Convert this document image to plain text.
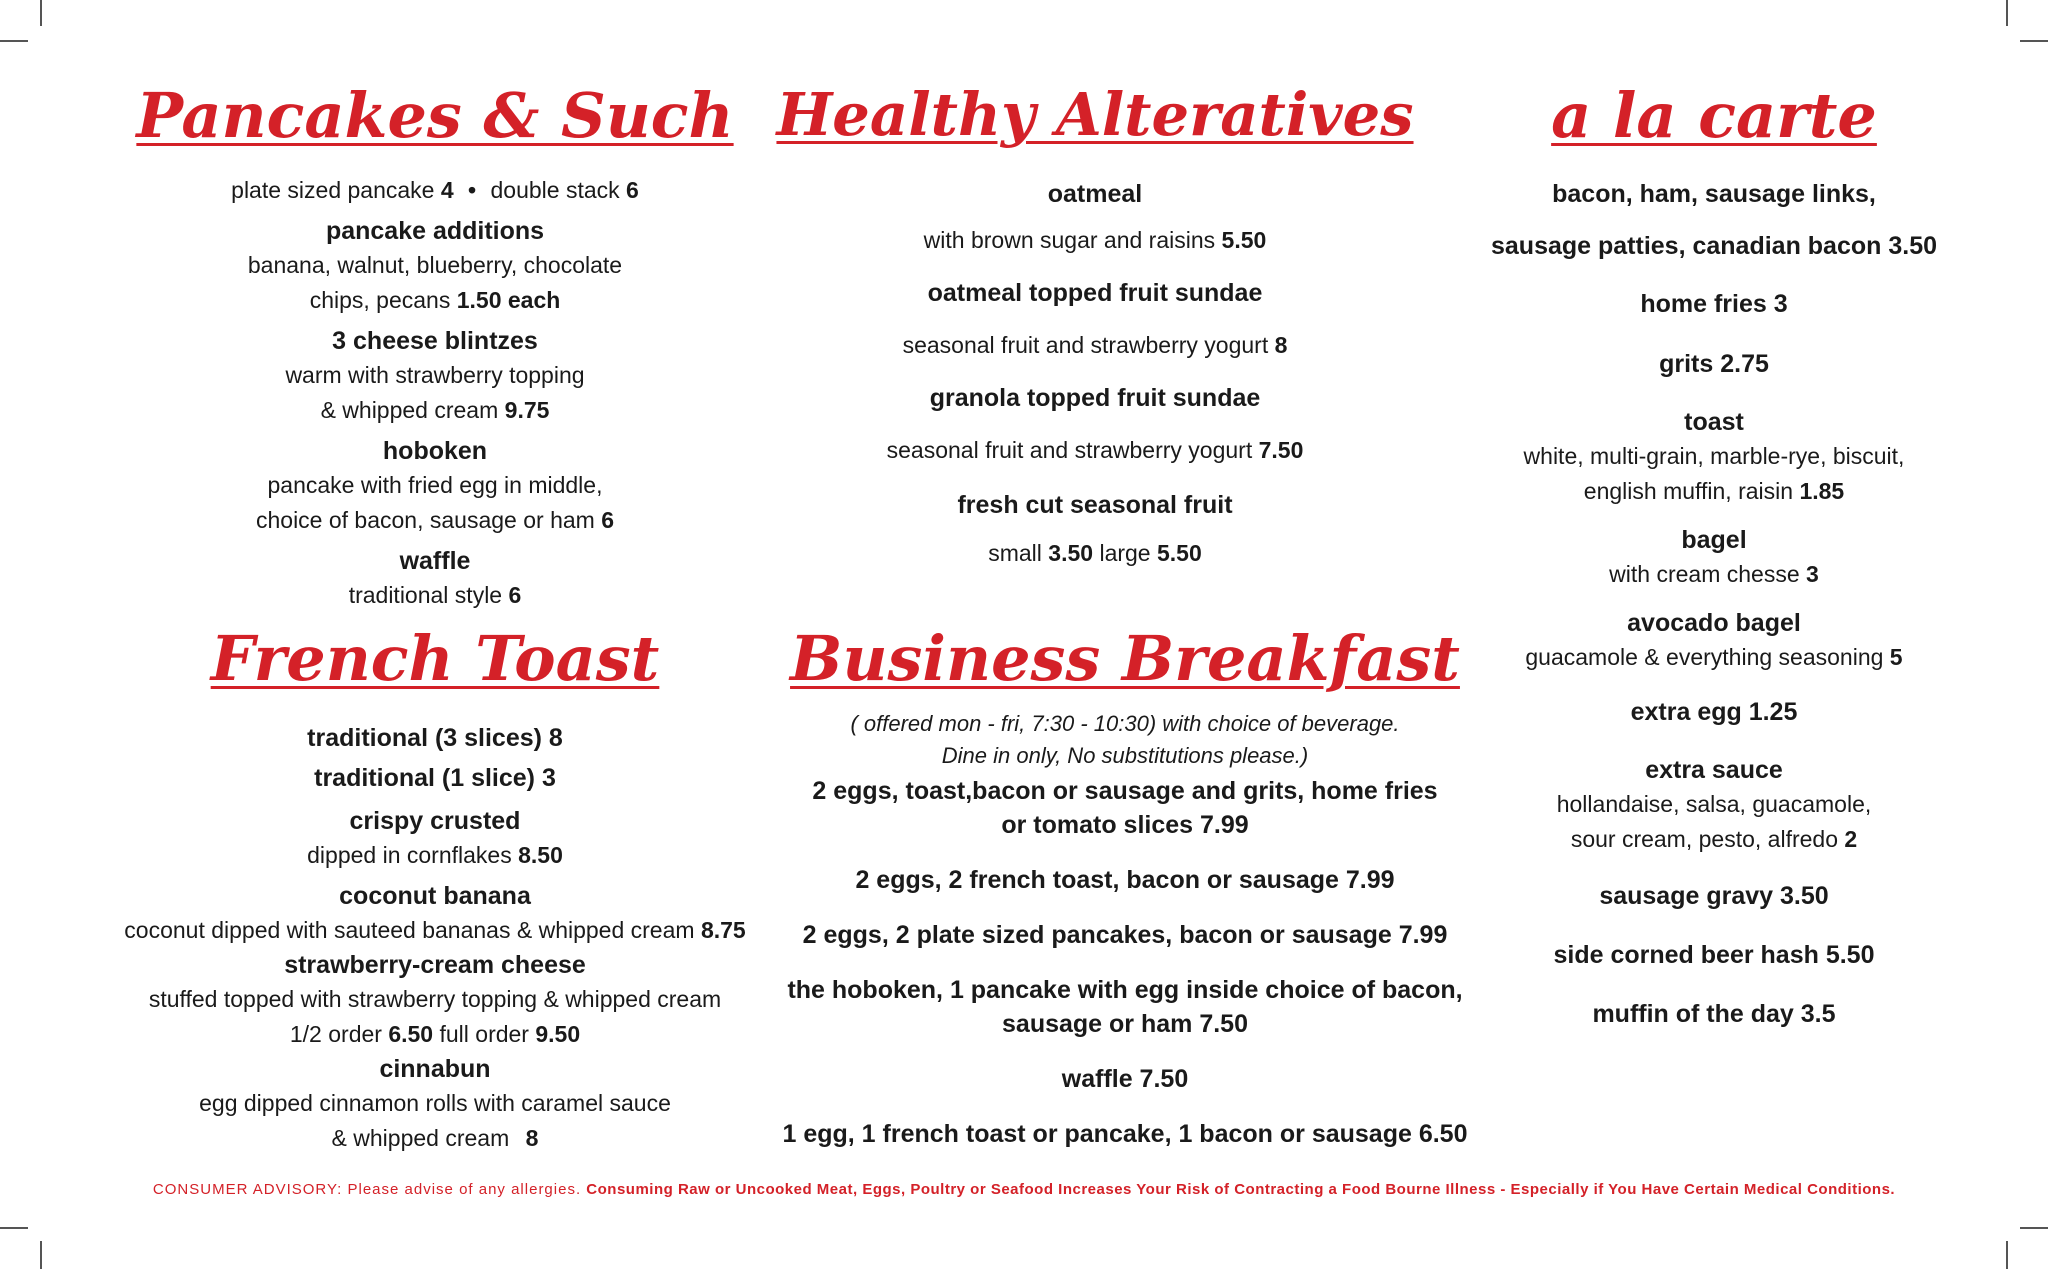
Pancakes & Such
plate sized pancake 4 • double stack 6
pancake additions
banana, walnut, blueberry, chocolate
chips, pecans 1.50 each
3 cheese blintzes
warm with strawberry topping
& whipped cream 9.75
hoboken
pancake with fried egg in middle,
choice of bacon, sausage or ham 6
waffle
traditional style 6
French Toast
traditional (3 slices) 8
traditional (1 slice) 3
crispy crusted
dipped in cornflakes 8.50
coconut banana
coconut dipped with sauteed bananas & whipped cream 8.75
strawberry-cream cheese
stuffed topped with strawberry topping & whipped cream
1/2 order 6.50 full order 9.50
cinnabun
egg dipped cinnamon rolls with caramel sauce
& whipped cream 8
Healthy Alteratives
oatmeal
with brown sugar and raisins 5.50
oatmeal topped fruit sundae
seasonal fruit and strawberry yogurt 8
granola topped fruit sundae
seasonal fruit and strawberry yogurt 7.50
fresh cut seasonal fruit
small 3.50 large 5.50
Business Breakfast
( offered mon - fri, 7:30 - 10:30) with choice of beverage.
Dine in only, No substitutions please.)
2 eggs, toast,bacon or sausage and grits, home fries
or tomato slices 7.99
2 eggs, 2 french toast, bacon or sausage 7.99
2 eggs, 2 plate sized pancakes, bacon or sausage 7.99
the hoboken, 1 pancake with egg inside choice of bacon,
sausage or ham 7.50
waffle 7.50
1 egg, 1 french toast or pancake, 1 bacon or sausage 6.50
a la carte
bacon, ham, sausage links,
sausage patties, canadian bacon 3.50
home fries 3
grits 2.75
toast
white, multi-grain, marble-rye, biscuit,
english muffin, raisin 1.85
bagel
with cream chesse 3
avocado bagel
guacamole & everything seasoning 5
extra egg 1.25
extra sauce
hollandaise, salsa, guacamole,
sour cream, pesto, alfredo 2
sausage gravy 3.50
side corned beer hash 5.50
muffin of the day 3.5
CONSUMER ADVISORY: Please advise of any allergies. Consuming Raw or Uncooked Meat, Eggs, Poultry or Seafood Increases Your Risk of Contracting a Food Bourne Illness - Especially if You Have Certain Medical Conditions.
